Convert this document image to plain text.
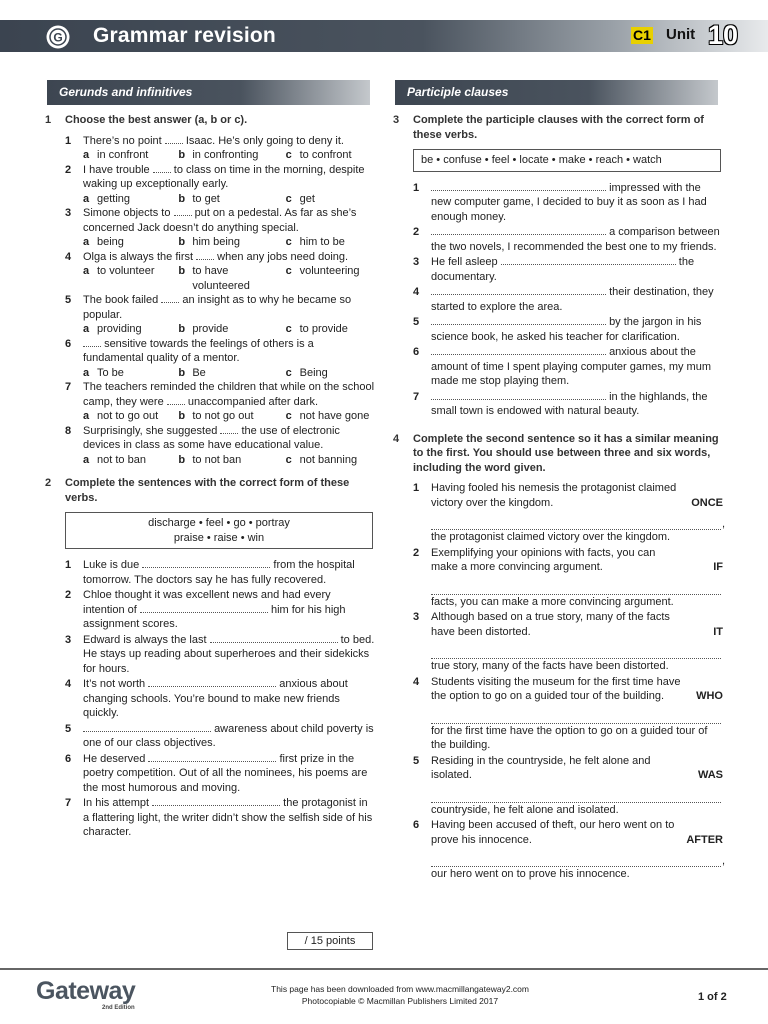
G Grammar revision	C1 Unit 10
Gerunds and infinitives	Participle clauses
1 Choose the best answer (a, b or c).
1 There’s no point Isaac. He’s only going to deny it.
a in confront	b in confronting c to confront
2 I have trouble to class on time in the morning, despite waking up exceptionally early.
a getting	b to get	c get
3 Simone objects to put on a pedestal. As far as she’s concerned Jack doesn’t do anything special.
a being	b him being	c him to be
4 Olga is always the first when any jobs need doing.
a to volunteer b to have volunteered
c volunteering
5 The book failed an insight as to why he became so popular.
a providing	b provide	c to provide
6	sensitive towards the feelings of others is a fundamental quality of a mentor.
a To be	b Be	c Being
7 The teachers reminded the children that while on the school camp, they were unaccompanied after dark.
a not to go out b to not go out	c not have gone
8 Surprisingly, she suggested the use of electronic devices in class as some have educational value.
a not to ban	b to not ban	c not banning
2 Complete the sentences with the correct form of these verbs.
discharge • feel • go • portray
praise • raise • win
1 Luke is due	from the hospital tomorrow. The doctors say he has fully recovered.
2 Chloe thought it was excellent news and had every intention of	him for his high assignment scores.
3 Edward is always the last	to bed. He stays up reading about superheroes and their sidekicks for hours.
4 It’s not worth	anxious about changing schools. You’re bound to make new friends quickly.
5	awareness about child poverty is one of our class objectives.
6 He deserved	first prize in the poetry competition. Out of all the nominees, his poems are the most humorous and moving.
7 In his attempt	the protagonist in a flattering light, the writer didn’t show the selfish side of his character.
/ 15 points
3 Complete the participle clauses with the correct form of these verbs.
be • confuse • feel • locate • make • reach • watch
1	impressed with the new computer game, I decided to buy it as soon as I had enough money.
2	a comparison between the two novels, I recommended the best one to my friends.
3 He fell asleep	the documentary.
4	their destination, they started to explore the area.
5	by the jargon in his science book, he asked his teacher for clarification.
6	anxious about the amount of time I spent playing computer games, my mum made me stop playing them.
7	in the highlands, the small town is endowed with natural beauty.
4 Complete the second sentence so it has a similar meaning to the first. You should use between three and six words, including the word given.
1 Having fooled his nemesis the protagonist claimed victory over the kingdom.	ONCE
,
the protagonist claimed victory over the kingdom.
2 Exemplifying your opinions with facts, you can make a more convincing argument.	IF
facts, you can make a more convincing argument.
3 Although based on a true story, many of the facts have been distorted.	IT
true story, many of the facts have been distorted.
4 Students visiting the museum for the first time have the option to go on a guided tour of the building.	WHO
for the first time have the option to go on a guided tour of the building.
5 Residing in the countryside, he felt alone and isolated.	WAS
countryside, he felt alone and isolated.
6 Having been accused of theft, our hero went on to prove his innocence.	AFTER
,
our hero went on to prove his innocence.
Gateway
2nd Edition
This page has been downloaded from www.macmillangateway2.com
Photocopiable © Macmillan Publishers Limited 2017	1 of 2
